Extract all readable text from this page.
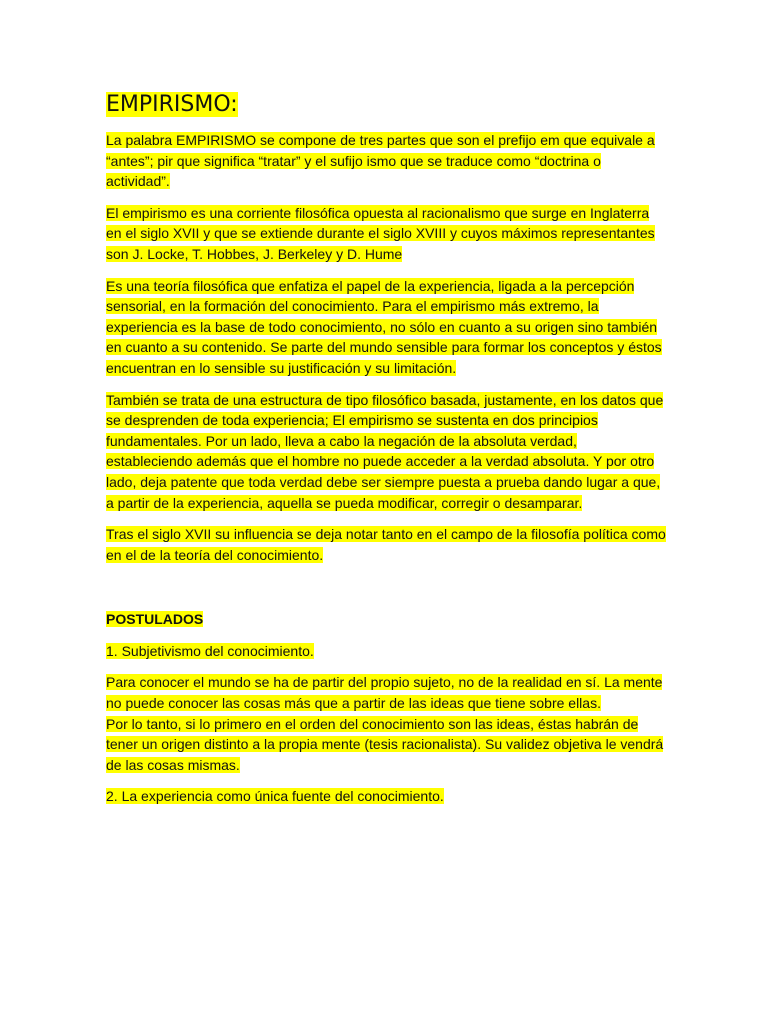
EMPIRISMO:

La palabra EMPIRISMO se compone de tres partes que son el prefijo em que equivale a “antes”; pir que significa “tratar” y el sufijo ismo que se traduce como “doctrina o actividad”.

El empirismo es una corriente filosófica opuesta al racionalismo que surge en Inglaterra en el siglo XVII y que se extiende durante el siglo XVIII y cuyos máximos representantes son J. Locke, T. Hobbes, J. Berkeley y D. Hume

Es una teoría filosófica que enfatiza el papel de la experiencia, ligada a la percepción sensorial, en la formación del conocimiento. Para el empirismo más extremo, la experiencia es la base de todo conocimiento, no sólo en cuanto a su origen sino también en cuanto a su contenido. Se parte del mundo sensible para formar los conceptos y éstos encuentran en lo sensible su justificación y su limitación.

También se trata de una estructura de tipo filosófico basada, justamente, en los datos que se desprenden de toda experiencia; El empirismo se sustenta en dos principios fundamentales. Por un lado, lleva a cabo la negación de la absoluta verdad, estableciendo además que el hombre no puede acceder a la verdad absoluta. Y por otro lado, deja patente que toda verdad debe ser siempre puesta a prueba dando lugar a que, a partir de la experiencia, aquella se pueda modificar, corregir o desamparar.

Tras el siglo XVII su influencia se deja notar tanto en el campo de la filosofía política como en el de la teoría del conocimiento.

POSTULADOS

1. Subjetivismo del conocimiento.

Para conocer el mundo se ha de partir del propio sujeto, no de la realidad en sí. La mente no puede conocer las cosas más que a partir de las ideas que tiene sobre ellas.
Por lo tanto, si lo primero en el orden del conocimiento son las ideas, éstas habrán de tener un origen distinto a la propia mente (tesis racionalista). Su validez objetiva le vendrá de las cosas mismas.

2. La experiencia como única fuente del conocimiento.
